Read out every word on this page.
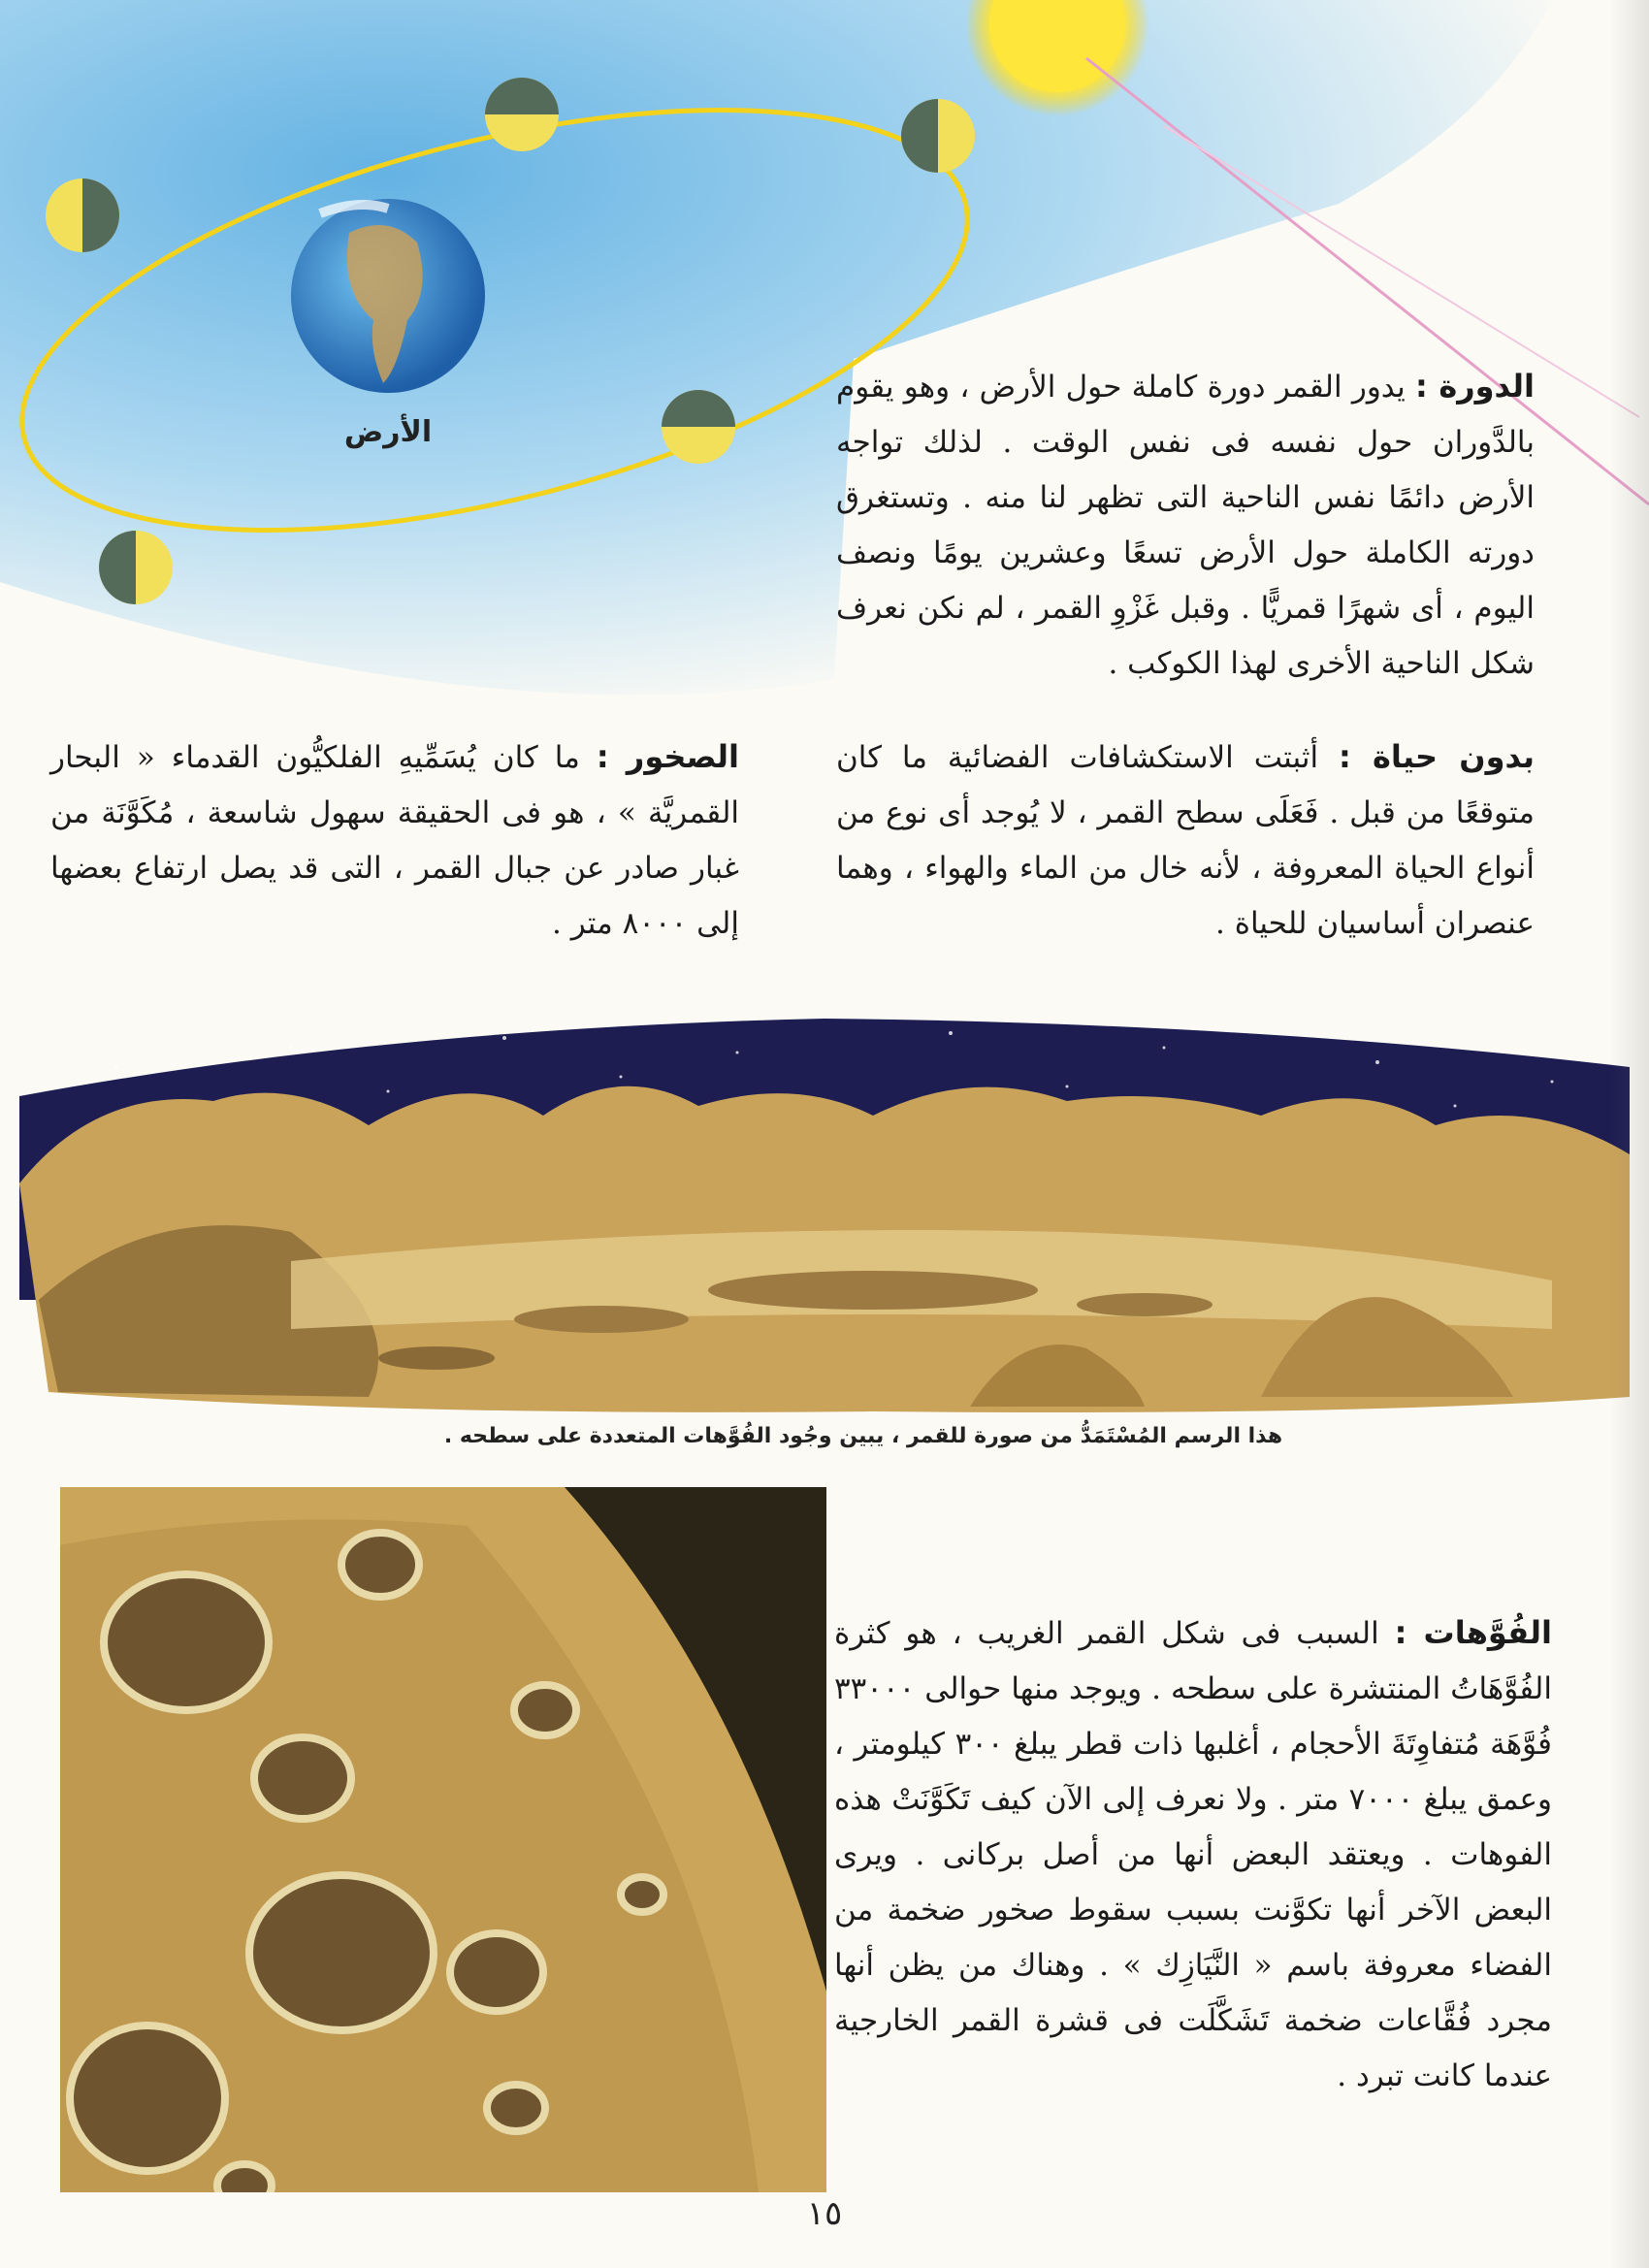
الأرض
الدورة : يدور القمر دورة كاملة حول الأرض ، وهو يقوم بالدَّوران حول نفسه فى نفس الوقت . لذلك تواجه الأرض دائمًا نفس الناحية التى تظهر لنا منه . وتستغرق دورته الكاملة حول الأرض تسعًا وعشرين يومًا ونصف اليوم ، أى شهرًا قمريًّا . وقبل غَزْوِ القمر ، لم نكن نعرف شكل الناحية الأخرى لهذا الكوكب .
بدون حياة : أثبتت الاستكشافات الفضائية ما كان متوقعًا من قبل . فَعَلَى سطح القمر ، لا يُوجد أى نوع من أنواع الحياة المعروفة ، لأنه خال من الماء والهواء ، وهما عنصران أساسيان للحياة .
الصخور : ما كان يُسَمِّيهِ الفلكيُّون القدماء « البحار القمريَّة » ، هو فى الحقيقة سهول شاسعة ، مُكَوَّنَة من غبار صادر عن جبال القمر ، التى قد يصل ارتفاع بعضها إلى ٨٠٠٠ متر .
هذا الرسم المُسْتَمَدُّ من صورة للقمر ، يبين وجُود الفُوَّهات المتعددة على سطحه .
الفُوَّهات : السبب فى شكل القمر الغريب ، هو كثرة الفُوَّهَاتُ المنتشرة على سطحه . ويوجد منها حوالى ٣٣٠٠٠ فُوَّهَة مُتفاوِتَةَ الأحجام ، أغلبها ذات قطر يبلغ ٣٠٠ كيلومتر ، وعمق يبلغ ٧٠٠٠ متر . ولا نعرف إلى الآن كيف تَكَوَّنَتْ هذه الفوهات . ويعتقد البعض أنها من أصل بركانى . ويرى البعض الآخر أنها تكوَّنت بسبب سقوط صخور ضخمة من الفضاء معروفة باسم « النَّيَازِك » . وهناك من يظن أنها مجرد فُقَّاعات ضخمة تَشَكَّلَت فى قشرة القمر الخارجية عندما كانت تبرد .
١٥
